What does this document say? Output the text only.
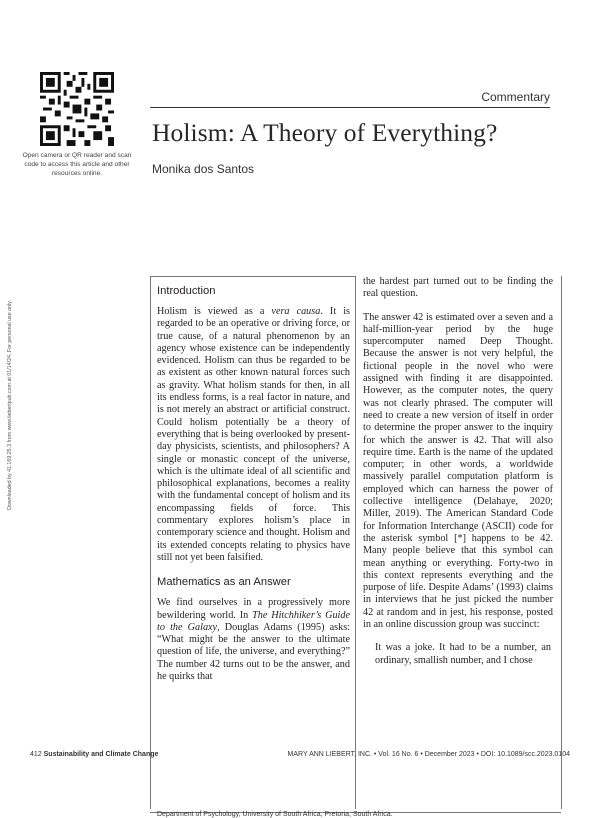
Open camera or QR reader and scan code to access this article and other resources online.
Commentary
Holism: A Theory of Everything?
Monika dos Santos
Downloaded by 41.169.25.3 from www.liebertpub.com at 01/14/24. For personal use only.
Introduction

Holism is viewed as a vera causa. It is regarded to be an operative or driving force, or true cause, of a natural phenomenon by an agency whose existence can be independently evidenced. Holism can thus be regarded to be as existent as other known natural forces such as gravity. What holism stands for then, in all its endless forms, is a real factor in nature, and is not merely an abstract or artificial construct. Could holism potentially be a theory of everything that is being overlooked by present-day physicists, scientists, and philosophers? A single or monastic concept of the universe, which is the ultimate ideal of all scientific and philosophical explanations, becomes a reality with the fundamental concept of holism and its encompassing fields of force. This commentary explores holism’s place in contemporary science and thought. Holism and its extended concepts relating to physics have still not yet been falsified.

Mathematics as an Answer

We find ourselves in a progressively more bewildering world. In The Hitchhiker’s Guide to the Galaxy, Douglas Adams (1995) asks: “What might be the answer to the ultimate question of life, the universe, and everything?” The number 42 turns out to be the answer, and he quirks that

the hardest part turned out to be finding the real question.

The answer 42 is estimated over a seven and a half-million-year period by the huge supercomputer named Deep Thought. Because the answer is not very helpful, the fictional people in the novel who were assigned with finding it are disappointed. However, as the computer notes, the query was not clearly phrased. The computer will need to create a new version of itself in order to determine the proper answer to the inquiry for which the answer is 42. That will also require time. Earth is the name of the updated computer; in other words, a worldwide massively parallel computation platform is employed which can harness the power of collective intelligence (Delahaye, 2020; Miller, 2019). The American Standard Code for Information Interchange (ASCII) code for the asterisk symbol [*] happens to be 42. Many people believe that this symbol can mean anything or everything. Forty-two in this context represents everything and the purpose of life. Despite Adams’ (1993) claims in interviews that he just picked the number 42 at random and in jest, his response, posted in an online discussion group was succinct:

It was a joke. It had to be a number, an ordinary, smallish number, and I chose

Department of Psychology, University of South Africa, Pretoria, South Africa.
412 Sustainability and Climate Change	MARY ANN LIEBERT, INC. • Vol. 16 No. 6 • December 2023 • DOI: 10.1089/scc.2023.0104
